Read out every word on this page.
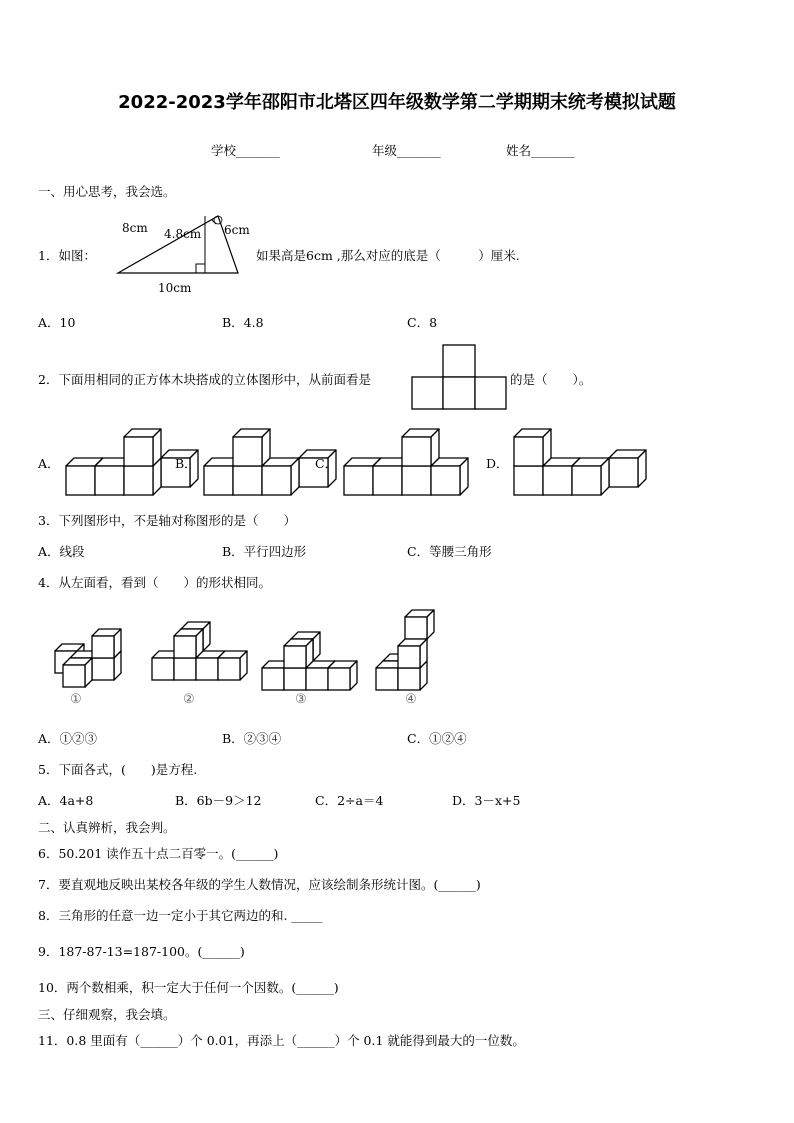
2022-2023学年邵阳市北塔区四年级数学第二学期期末统考模拟试题
学校_______	年级_______	姓名_______
一、用心思考，我会选。
1．如图：
8cm 4.8cm 6cm
10cm
如果高是6cm ,那么对应的底是（　　　）厘米.
A．10	B．4.8	C．8
2．下面用相同的正方体木块搭成的立体图形中，从前面看是	的是（　　）。
A．	B．	C．	D．
3．下列图形中，不是轴对称图形的是（　　）
A．线段	B．平行四边形	C．等腰三角形
4．从左面看，看到（　　）的形状相同。
①	②	③	④
A．①②③	B．②③④	C．①②④
5．下面各式，(　　)是方程.
A．4a+8	B．6b－9＞12	C．2÷a＝4	D．3－x+5
二、认真辨析，我会判。
6．50.201 读作五十点二百零一。(______)
7．要直观地反映出某校各年级的学生人数情况，应该绘制条形统计图。(______)
8．三角形的任意一边一定小于其它两边的和. _____
9．187-87-13=187-100。(______)
10．两个数相乘，积一定大于任何一个因数。(______)
三、仔细观察，我会填。
11．0.8 里面有（______）个 0.01，再添上（______）个 0.1 就能得到最大的一位数。
